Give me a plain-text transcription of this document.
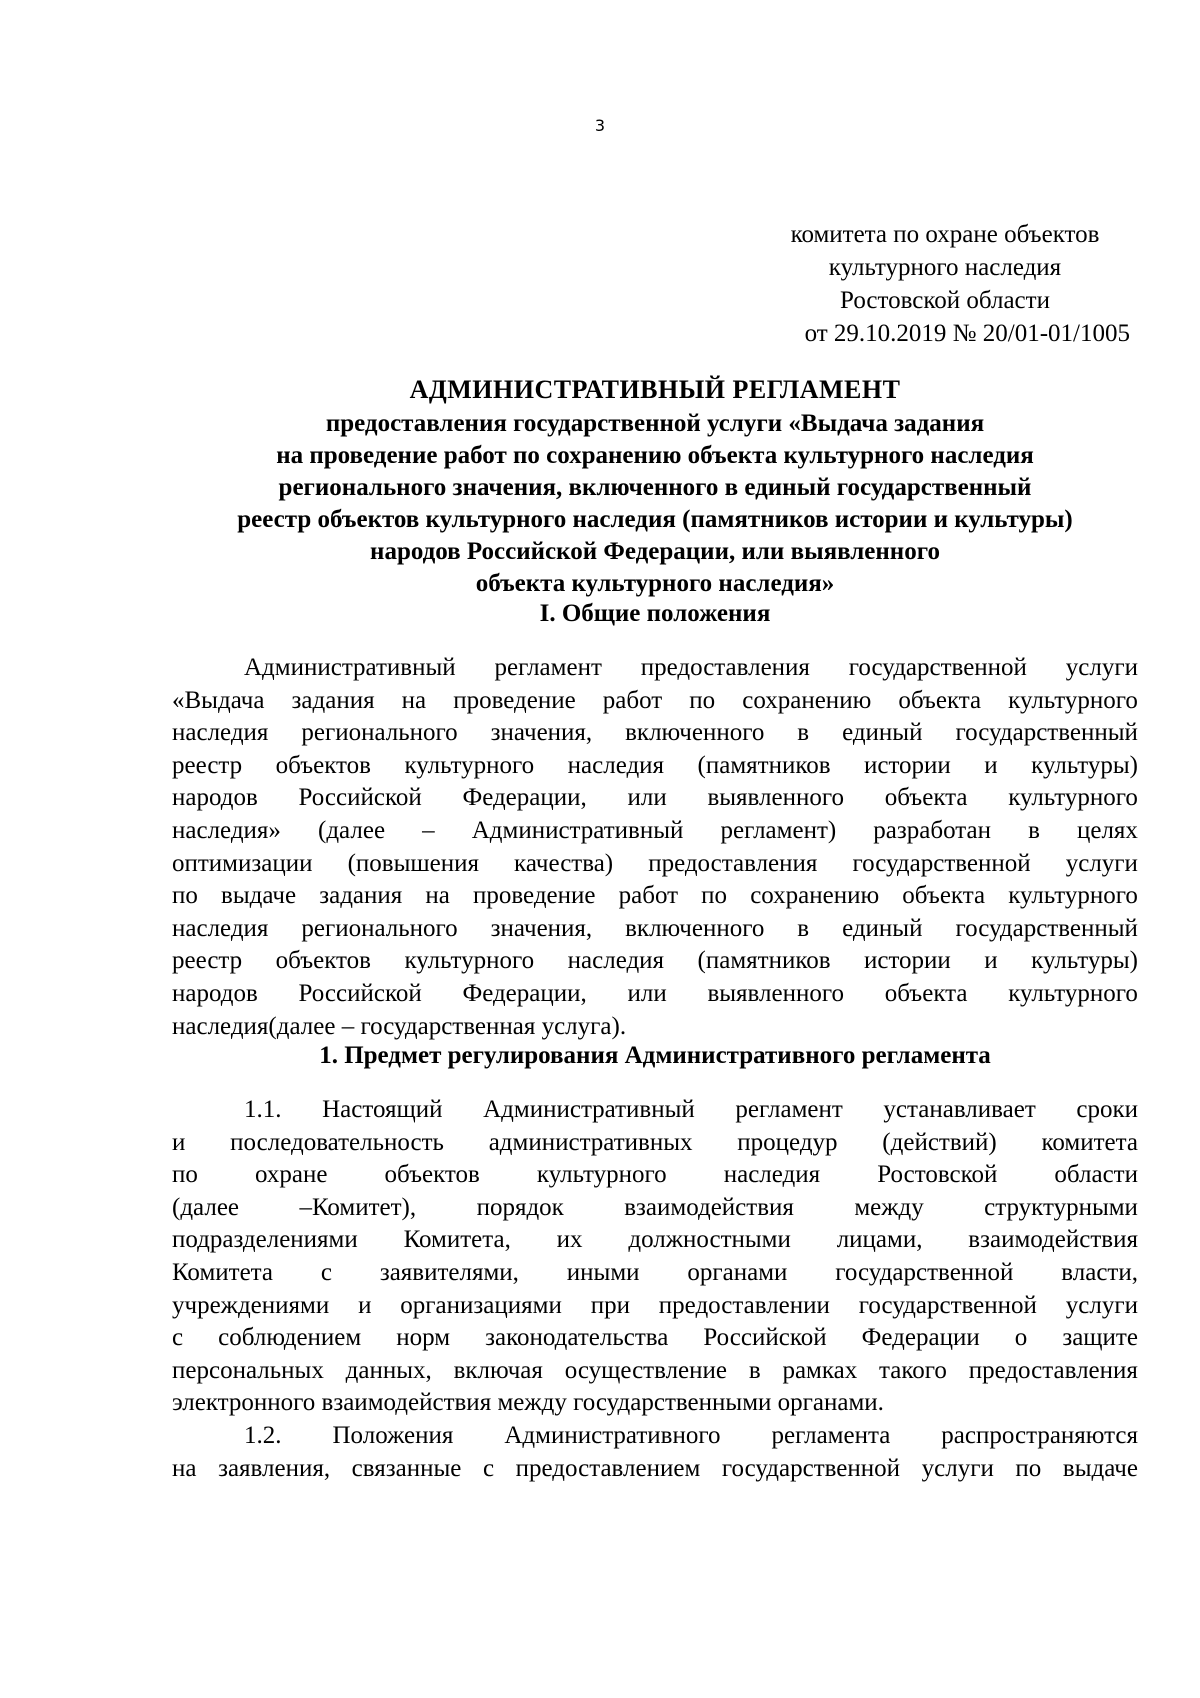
3
комитета по охране объектов
культурного наследия
Ростовской области
от 29.10.2019 № 20/01-01/1005
АДМИНИСТРАТИВНЫЙ РЕГЛАМЕНТ
предоставления государственной услуги «Выдача задания
на проведение работ по сохранению объекта культурного наследия
регионального значения, включенного в единый государственный
реестр объектов культурного наследия (памятников истории и культуры)
народов Российской Федерации, или выявленного
объекта культурного наследия»
I. Общие положения
Административный регламент предоставления государственной услуги
«Выдача задания на проведение работ по сохранению объекта культурного
наследия регионального значения, включенного в единый государственный
реестр объектов культурного наследия (памятников истории и культуры)
народов Российской Федерации, или выявленного объекта культурного
наследия» (далее – Административный регламент) разработан в целях
оптимизации (повышения качества) предоставления государственной услуги
по выдаче задания на проведение работ по сохранению объекта культурного
наследия регионального значения, включенного в единый государственный
реестр объектов культурного наследия (памятников истории и культуры)
народов Российской Федерации, или выявленного объекта культурного
наследия(далее – государственная услуга).
1. Предмет регулирования Административного регламента
1.1. Настоящий Административный регламент устанавливает сроки
и последовательность административных процедур (действий) комитета
по охране объектов культурного наследия Ростовской области
(далее –Комитет), порядок взаимодействия между структурными
подразделениями Комитета, их должностными лицами, взаимодействия
Комитета с заявителями, иными органами государственной власти,
учреждениями и организациями при предоставлении государственной услуги
с соблюдением норм законодательства Российской Федерации о защите
персональных данных, включая осуществление в рамках такого предоставления
электронного взаимодействия между государственными органами.
1.2. Положения Административного регламента распространяются
на заявления, связанные с предоставлением государственной услуги по выдаче
